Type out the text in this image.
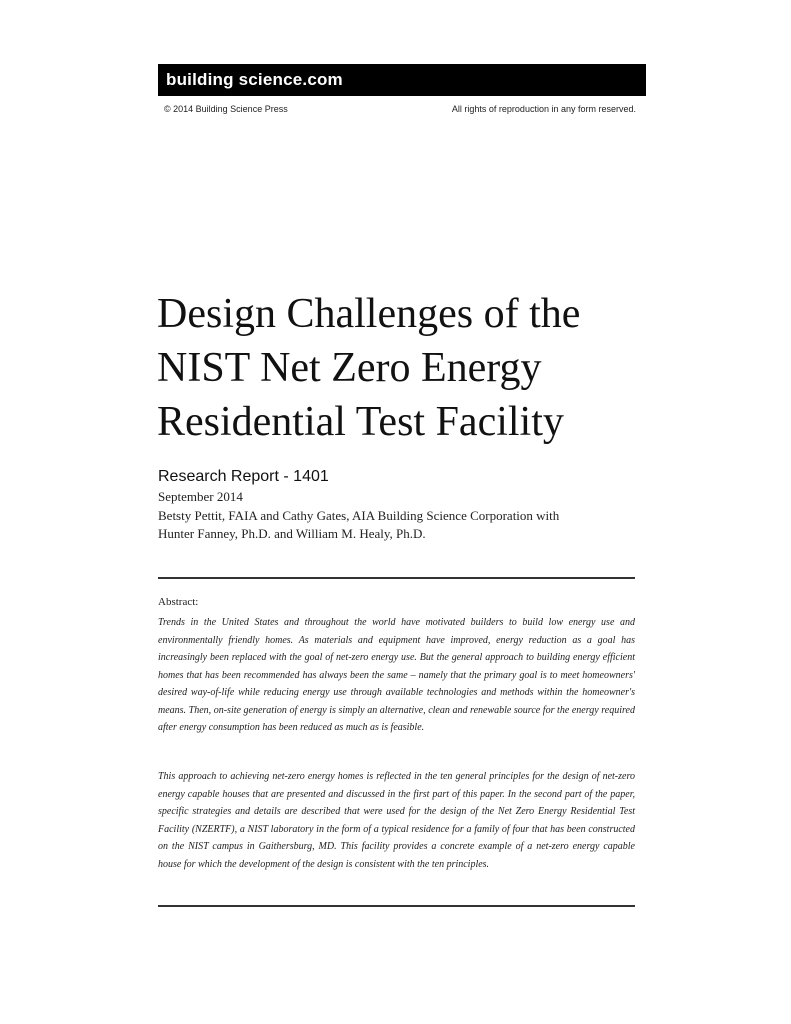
building science.com
© 2014 Building Science Press	All rights of reproduction in any form reserved.
Design Challenges of the
NIST Net Zero Energy
Residential Test Facility
Research Report - 1401
September 2014
Betsty Pettit, FAIA and Cathy Gates, AIA Building Science Corporation with
Hunter Fanney, Ph.D. and William M. Healy, Ph.D.
Abstract:

Trends in the United States and throughout the world have motivated builders to build low energy use and environmentally friendly homes. As materials and equipment have improved, energy reduction as a goal has increasingly been replaced with the goal of net-zero energy use. But the general approach to building energy efficient homes that has been recommended has always been the same – namely that the primary goal is to meet homeowners' desired way-of-life while reducing energy use through available technologies and methods within the homeowner's means. Then, on-site generation of energy is simply an alternative, clean and renewable source for the energy required after energy consumption has been reduced as much as is feasible.

This approach to achieving net-zero energy homes is reflected in the ten general principles for the design of net-zero energy capable houses that are presented and discussed in the first part of this paper. In the second part of the paper, specific strategies and details are described that were used for the design of the Net Zero Energy Residential Test Facility (NZERTF), a NIST laboratory in the form of a typical residence for a family of four that has been constructed on the NIST campus in Gaithersburg, MD. This facility provides a concrete example of a net-zero energy capable house for which the development of the design is consistent with the ten principles.
